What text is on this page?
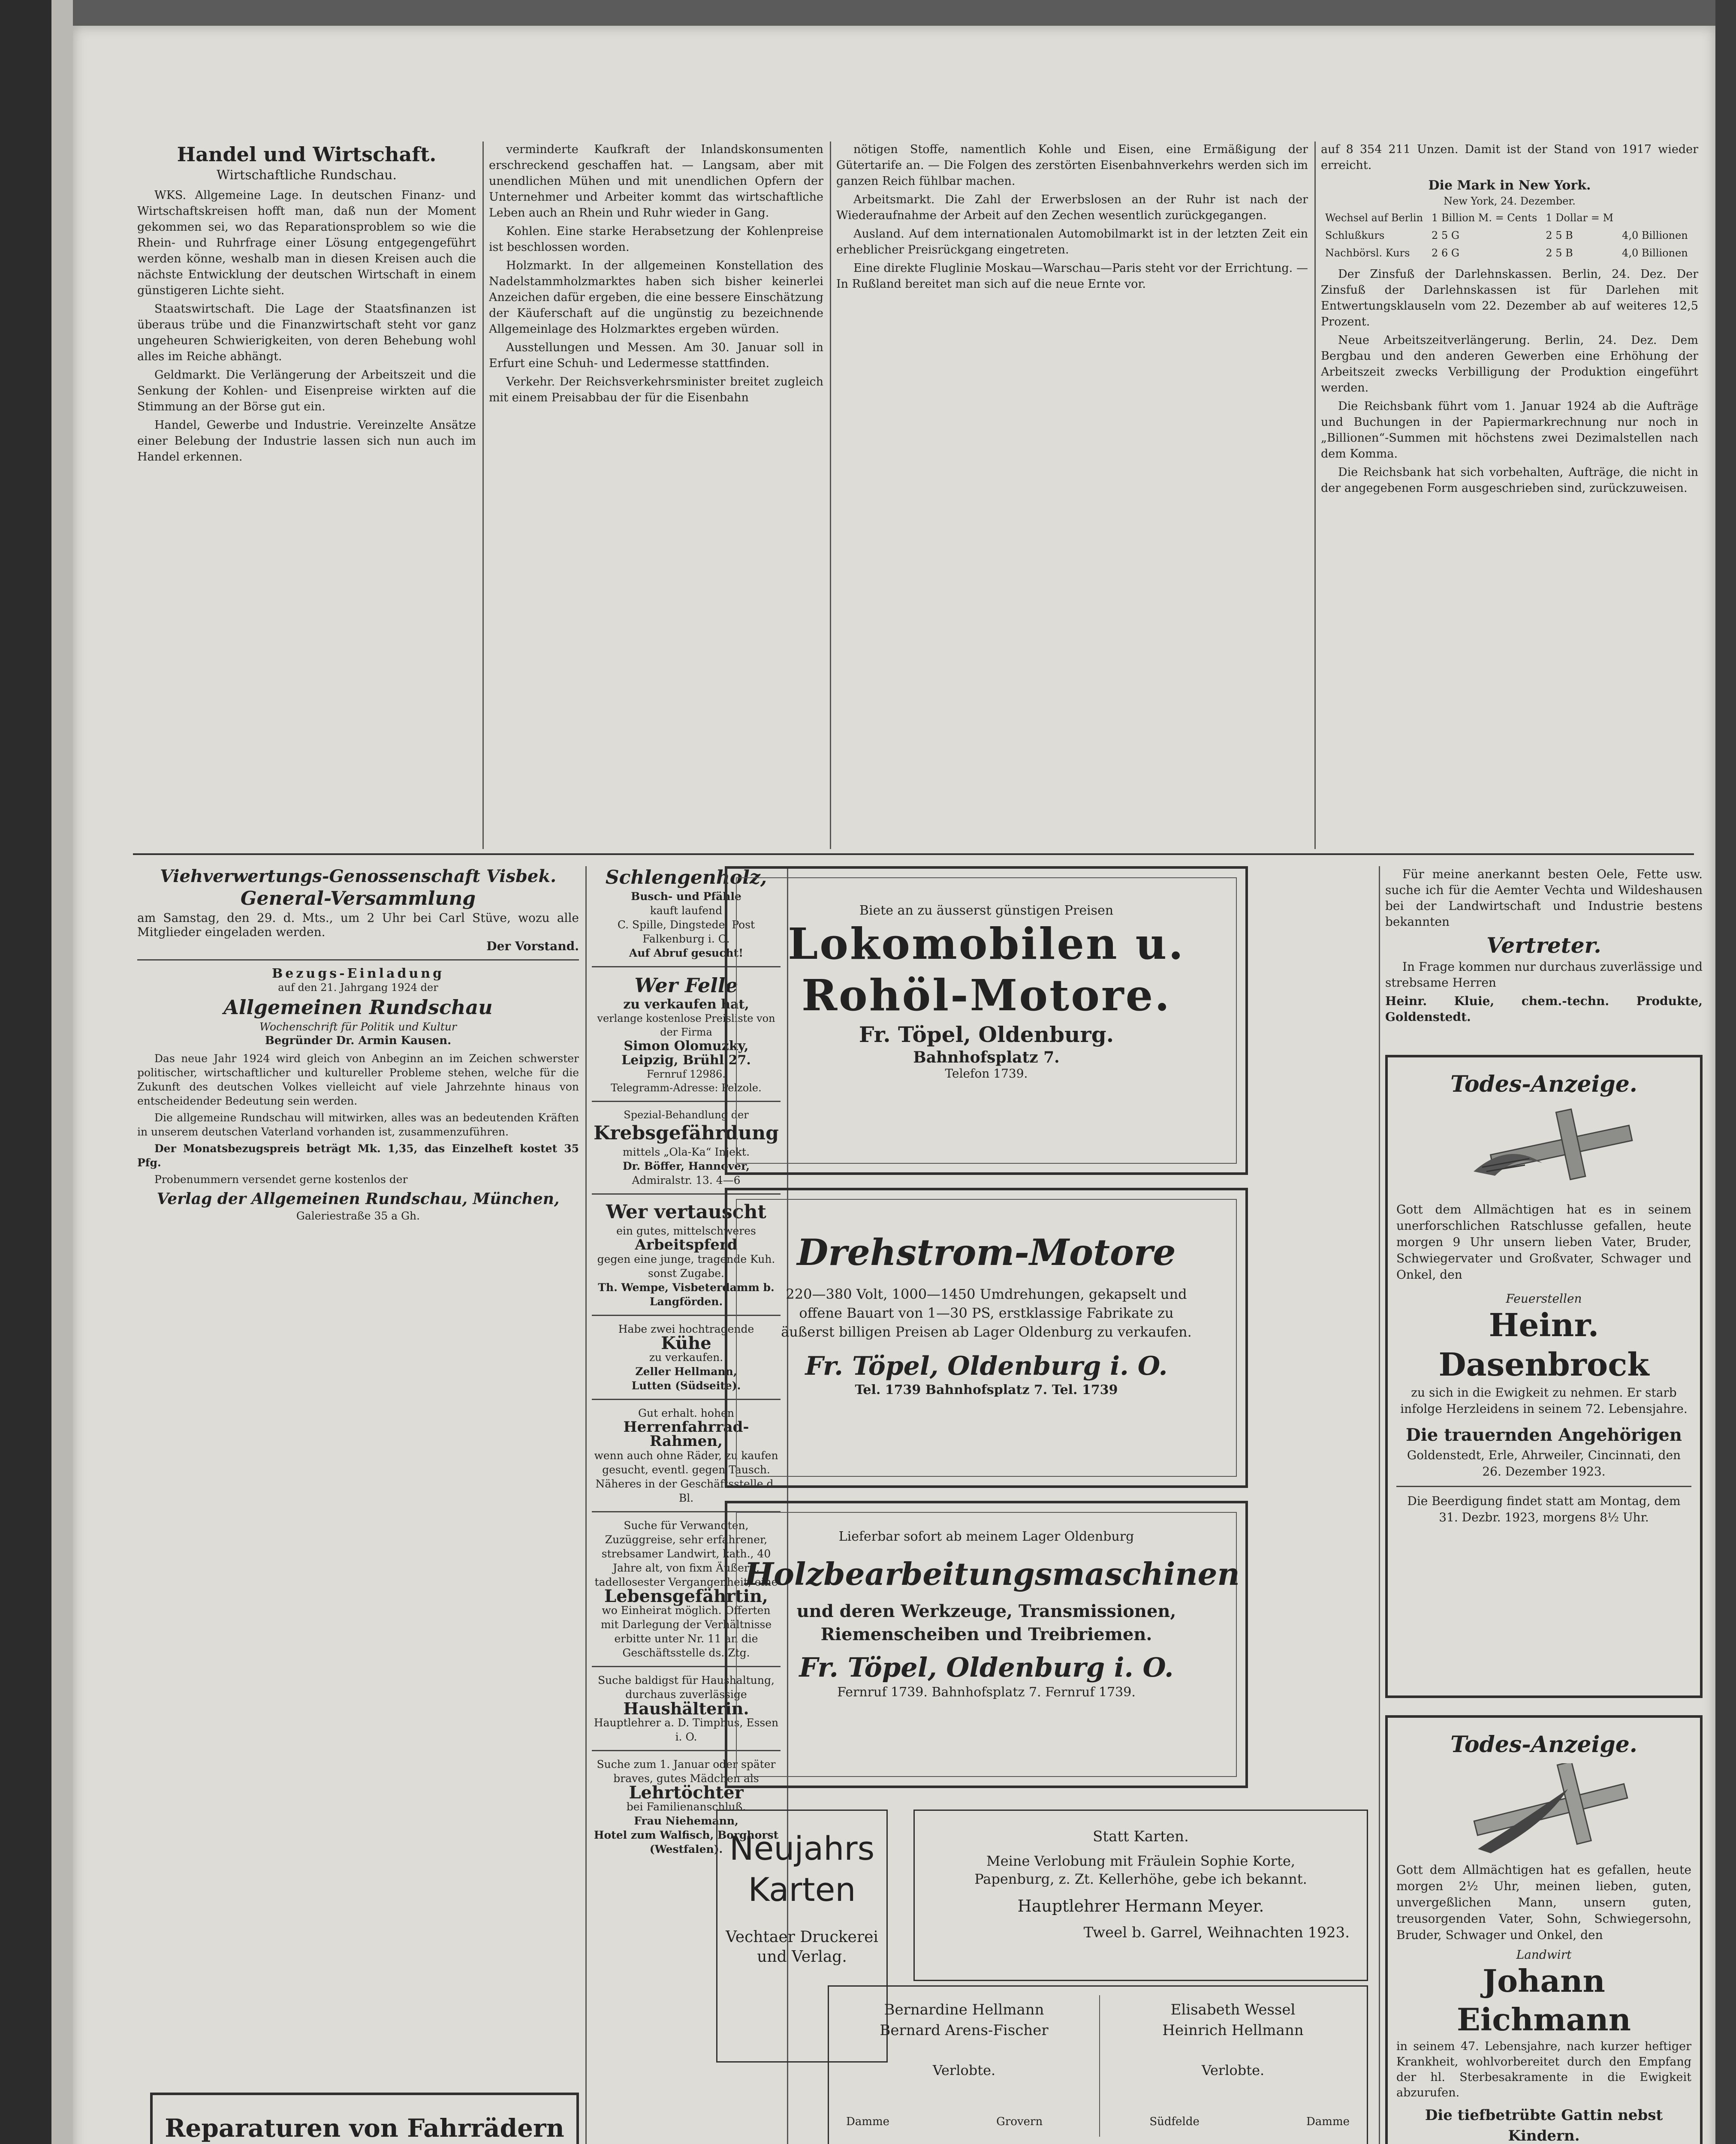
Handel und Wirtschaft.
Wirtschaftliche Rundschau.

WKS. Allgemeine Lage. In deutschen Finanz- und Wirtschaftskreisen hofft man, daß nun der Moment gekommen sei, wo das Reparationsproblem so wie die Rhein- und Ruhrfrage einer Lösung entgegengeführt werden könne, weshalb man in diesen Kreisen auch die nächste Entwicklung der deutschen Wirtschaft in einem günstigeren Lichte sieht.

Staatswirtschaft. Die Lage der Staatsfinanzen ist überaus trübe und die Finanzwirtschaft steht vor ganz ungeheuren Schwierigkeiten, von deren Behebung wohl alles im Reiche abhängt.

Geldmarkt. Die Verlängerung der Arbeitszeit und die Senkung der Kohlen- und Eisenpreise wirkten auf die Stimmung an der Börse gut ein.

Handel, Gewerbe und Industrie. Vereinzelte Ansätze einer Belebung der Industrie lassen sich nun auch im Handel erkennen.

verminderte Kaufkraft der Inlandskonsumenten erschreckend geschaffen hat. — Langsam, aber mit unendlichen Mühen und mit unendlichen Opfern der Unternehmer und Arbeiter kommt das wirtschaftliche Leben auch an Rhein und Ruhr wieder in Gang.

Kohlen. Eine starke Herabsetzung der Kohlenpreise ist beschlossen worden.

Holzmarkt. In der allgemeinen Konstellation des Nadelstammholzmarktes haben sich bisher keinerlei Anzeichen dafür ergeben, die eine bessere Einschätzung der Käuferschaft auf die ungünstig zu bezeichnende Allgemeinlage des Holzmarktes ergeben würden.

Ausstellungen und Messen. Am 30. Januar soll in Erfurt eine Schuh- und Ledermesse stattfinden.

Verkehr. Der Reichsverkehrsminister breitet zugleich mit einem Preisabbau der für die Eisenbahn

nötigen Stoffe, namentlich Kohle und Eisen, eine Ermäßigung der Gütertarife an. — Die Folgen des zerstörten Eisenbahnverkehrs werden sich im ganzen Reich fühlbar machen.

Arbeitsmarkt. Die Zahl der Erwerbslosen an der Ruhr ist nach der Wiederaufnahme der Arbeit auf den Zechen wesentlich zurückgegangen.

Ausland. Auf dem internationalen Automobilmarkt ist in der letzten Zeit ein erheblicher Preisrückgang eingetreten.

Eine direkte Fluglinie Moskau—Warschau—Paris steht vor der Errichtung. — In Rußland bereitet man sich auf die neue Ernte vor.

auf 8 354 211 Unzen. Damit ist der Stand von 1917 wieder erreicht.

Die Mark in New York.
New York, 24. Dezember.
Wechsel auf Berlin	1 Billion M. = Cents	1 Dollar = M	
Schlußkurs	2 5 G	2 5 B	4,0 Billionen
Nachbörsl. Kurs	2 6 G	2 5 B	4,0 Billionen

Der Zinsfuß der Darlehnskassen. Berlin, 24. Dez. Der Zinsfuß der Darlehnskassen ist für Darlehen mit Entwertungsklauseln vom 22. Dezember ab auf weiteres 12,5 Prozent.

Neue Arbeitszeitverlängerung. Berlin, 24. Dez. Dem Bergbau und den anderen Gewerben eine Erhöhung der Arbeitszeit zwecks Verbilligung der Produktion eingeführt werden.

Die Reichsbank führt vom 1. Januar 1924 ab die Aufträge und Buchungen in der Papiermarkrechnung nur noch in „Billionen“-Summen mit höchstens zwei Dezimalstellen nach dem Komma.

Die Reichsbank hat sich vorbehalten, Aufträge, die nicht in der angegebenen Form ausgeschrieben sind, zurückzuweisen.

Viehverwertungs-Genossenschaft Visbek.
General-Versammlung
am Samstag, den 29. d. Mts., um 2 Uhr bei Carl Stüve, wozu alle Mitglieder eingeladen werden.
Der Vorstand.
Bezugs-Einladung
auf den 21. Jahrgang 1924 der
Allgemeinen Rundschau
Wochenschrift für Politik und Kultur
Begründer Dr. Armin Kausen.

Das neue Jahr 1924 wird gleich von Anbeginn an im Zeichen schwerster politischer, wirtschaftlicher und kultureller Probleme stehen, welche für die Zukunft des deutschen Volkes vielleicht auf viele Jahrzehnte hinaus von entscheidender Bedeutung sein werden.

Die allgemeine Rundschau will mitwirken, alles was an bedeutenden Kräften in unserem deutschen Vaterland vorhanden ist, zusammenzuführen.

Der Monatsbezugspreis beträgt Mk. 1,35, das Einzelheft kostet 35 Pfg.

Probenummern versendet gerne kostenlos der

Verlag der Allgemeinen Rundschau, München,
Galeriestraße 35 a Gh.
Reparaturen von Fahrrädern
Schlengenholz,
Busch- und Pfähle
kauft laufend
C. Spille, Dingstede, Post Falkenburg i. O.
Auf Abruf gesucht!
Wer Felle
zu verkaufen hat,
verlange kostenlose Preisliste von der Firma
Simon Olomuzky,
Leipzig, Brühl 27.
Fernruf 12986.
Telegramm-Adresse: Pelzole.
Spezial-Behandlung der
Krebsgefährdung
mittels „Ola-Ka“ Injekt.
Dr. Böffer, Hannover,
Admiralstr. 13. 4—6
Wer vertauscht
ein gutes, mittelschweres
Arbeitspferd
gegen eine junge, tragende Kuh. sonst Zugabe.
Th. Wempe, Visbeterdamm b. Langförden.
Habe zwei hochtragende
Kühe
zu verkaufen.
Zeller Hellmann,
Lutten (Südseite).
Gut erhalt. hohen
Herrenfahrrad-Rahmen,
wenn auch ohne Räder, zu kaufen gesucht, eventl. gegen Tausch. Näheres in der Geschäftsstelle d. Bl.
Suche für Verwandten, Zuzüggreise, sehr erfahrener, strebsamer Landwirt, kath., 40 Jahre alt, von fixm Äußern, tadellosester Vergangenheit, eine
Lebensgefährtin,
wo Einheirat möglich. Offerten mit Darlegung der Verhältnisse erbitte unter Nr. 11 an die Geschäftsstelle ds. Ztg.
Suche baldigst für Haushaltung, durchaus zuverlässige
Haushälterin.
Hauptlehrer a. D. Timphus, Essen i. O.
Suche zum 1. Januar oder später braves, gutes Mädchen als
Lehrtöchter
bei Familienanschluß.
Frau Niehemann,
Hotel zum Walfisch, Borghorst (Westfalen).
Biete an zu äusserst günstigen Preisen
Lokomobilen u.
Rohöl-Motore.
Fr. Töpel, Oldenburg.
Bahnhofsplatz 7.
Telefon 1739.
Drehstrom-Motore
220—380 Volt, 1000—1450 Umdrehungen, gekapselt und offene Bauart von 1—30 PS, erstklassige Fabrikate zu äußerst billigen Preisen ab Lager Oldenburg zu verkaufen.
Fr. Töpel, Oldenburg i. O.
Tel. 1739 Bahnhofsplatz 7. Tel. 1739
Lieferbar sofort ab meinem Lager Oldenburg
Holzbearbeitungsmaschinen
und deren Werkzeuge, Transmissionen, Riemenscheiben und Treibriemen.
Fr. Töpel, Oldenburg i. O.
Fernruf 1739. Bahnhofsplatz 7. Fernruf 1739.
Neujahrs
Karten
Vechtaer Druckerei
und Verlag.
Statt Karten.
Meine Verlobung mit Fräulein Sophie Korte, Papenburg, z. Zt. Kellerhöhe, gebe ich bekannt.
Hauptlehrer Hermann Meyer.
Tweel b. Garrel, Weihnachten 1923.
Bernardine Hellmann
Bernard Arens-Fischer
Verlobte.
Elisabeth Wessel
Heinrich Hellmann
Verlobte.
Damme	Grovern	Südfelde	Damme

Für meine anerkannt besten Oele, Fette usw. suche ich für die Aemter Vechta und Wildeshausen bei der Landwirtschaft und Industrie bestens bekannten

Vertreter.

In Frage kommen nur durchaus zuverlässige und strebsame Herren

Heinr. Kluie, chem.-techn. Produkte, Goldenstedt.
Todes-Anzeige.
Gott dem Allmächtigen hat es in seinem unerforschlichen Ratschlusse gefallen, heute morgen 9 Uhr unsern lieben Vater, Bruder, Schwiegervater und Großvater, Schwager und Onkel, den
Feuerstellen
Heinr. Dasenbrock
zu sich in die Ewigkeit zu nehmen. Er starb infolge Herzleidens in seinem 72. Lebensjahre.
Die trauernden Angehörigen
Goldenstedt, Erle, Ahrweiler, Cincinnati, den 26. Dezember 1923.
Die Beerdigung findet statt am Montag, dem 31. Dezbr. 1923, morgens 8½ Uhr.
Todes-Anzeige.
Gott dem Allmächtigen hat es gefallen, heute morgen 2½ Uhr, meinen lieben, guten, unvergeßlichen Mann, unsern guten, treusorgenden Vater, Sohn, Schwiegersohn, Bruder, Schwager und Onkel, den
Landwirt
Johann Eichmann
in seinem 47. Lebensjahre, nach kurzer heftiger Krankheit, wohlvorbereitet durch den Empfang der hl. Sterbesakramente in die Ewigkeit abzurufen.
Die tiefbetrübte Gattin nebst Kindern.
